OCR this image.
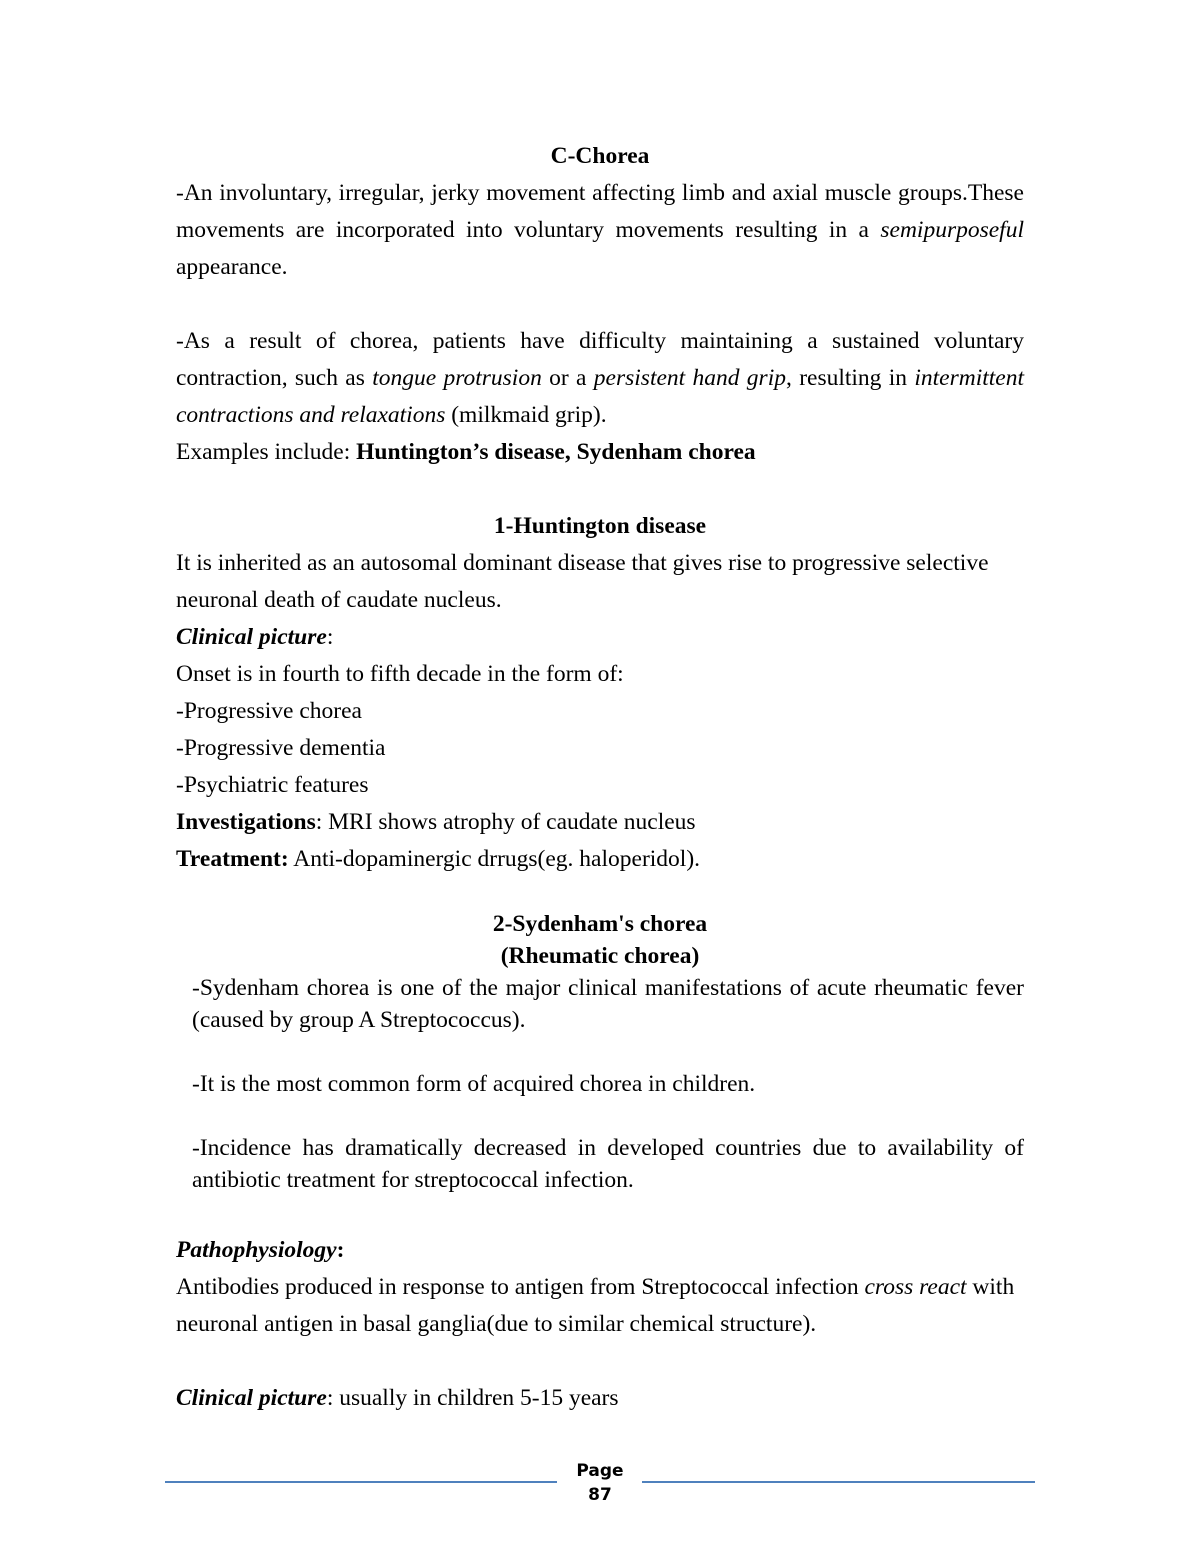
C-Chorea

-An involuntary, irregular, jerky movement affecting limb and axial muscle groups.These movements are incorporated into voluntary movements resulting in a semipurposeful appearance.

-As a result of chorea, patients have difficulty maintaining a sustained voluntary contraction, such as tongue protrusion or a persistent hand grip, resulting in intermittent contractions and relaxations (milkmaid grip).

Examples include: Huntington’s disease, Sydenham chorea

1-Huntington disease

It is inherited as an autosomal dominant disease that gives rise to progressive selective neuronal death of caudate nucleus.

Clinical picture:

Onset is in fourth to fifth decade in the form of:

-Progressive chorea

-Progressive dementia

-Psychiatric features

Investigations: MRI shows atrophy of caudate nucleus

Treatment: Anti-dopaminergic drrugs(eg. haloperidol).

2-Sydenham's chorea

(Rheumatic chorea)

-Sydenham chorea is one of the major clinical manifestations of acute rheumatic fever (caused by group A Streptococcus).

-It is the most common form of acquired chorea in children.

-Incidence has dramatically decreased in developed countries due to availability of antibiotic treatment for streptococcal infection.

Pathophysiology:

Antibodies produced in response to antigen from Streptococcal infection cross react with neuronal antigen in basal ganglia(due to similar chemical structure).

Clinical picture: usually in children 5-15 years

Page
87
